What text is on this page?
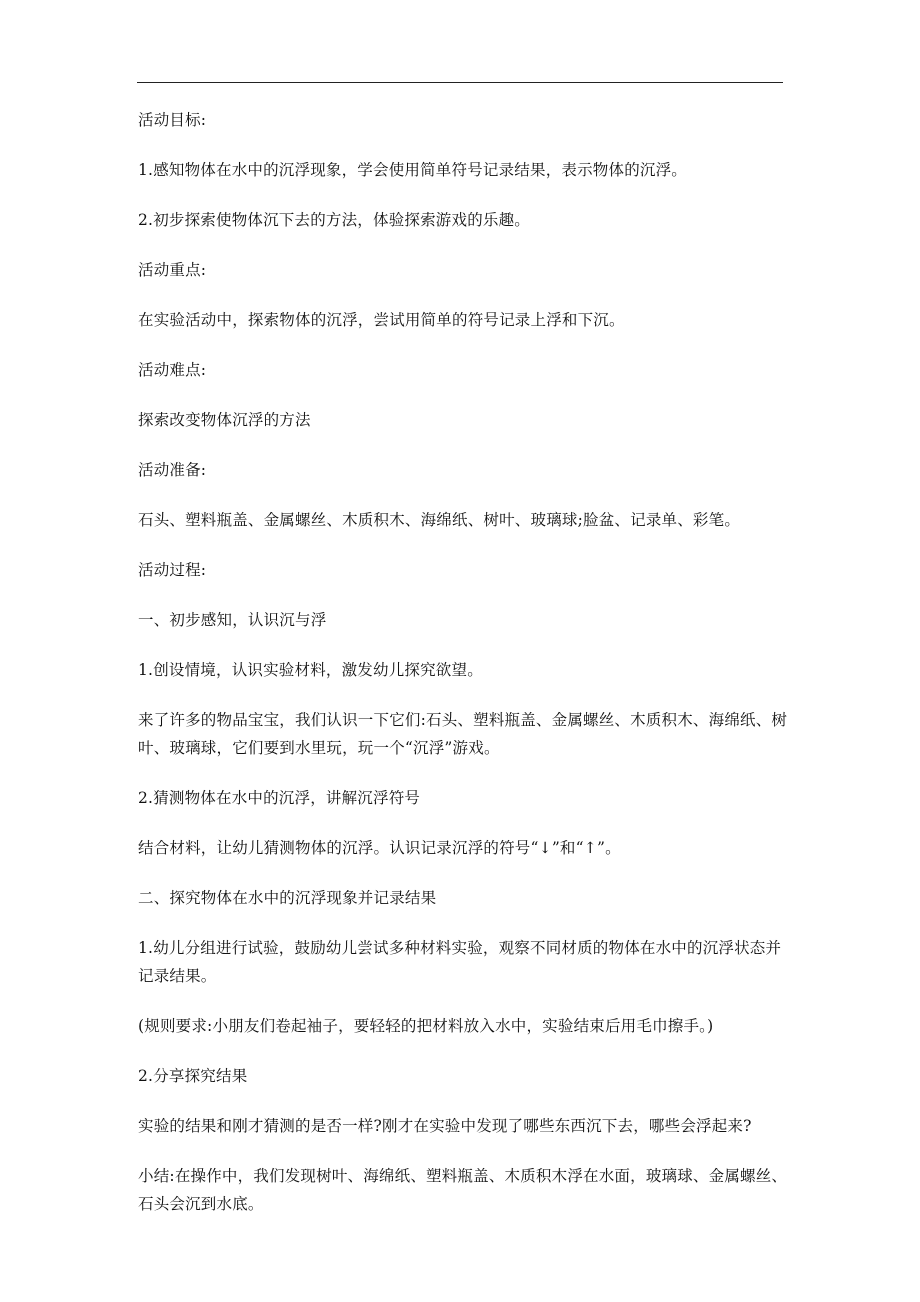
活动目标:

1.感知物体在水中的沉浮现象，学会使用简单符号记录结果，表示物体的沉浮。

2.初步探索使物体沉下去的方法，体验探索游戏的乐趣。

活动重点:

在实验活动中，探索物体的沉浮，尝试用简单的符号记录上浮和下沉。

活动难点:

探索改变物体沉浮的方法

活动准备:

石头、塑料瓶盖、金属螺丝、木质积木、海绵纸、树叶、玻璃球;脸盆、记录单、彩笔。

活动过程:

一、初步感知，认识沉与浮

1.创设情境，认识实验材料，激发幼儿探究欲望。

来了许多的物品宝宝，我们认识一下它们:石头、塑料瓶盖、金属螺丝、木质积木、海绵纸、树叶、玻璃球，它们要到水里玩，玩一个“沉浮”游戏。

2.猜测物体在水中的沉浮，讲解沉浮符号

结合材料，让幼儿猜测物体的沉浮。认识记录沉浮的符号“↓”和“↑”。

二、探究物体在水中的沉浮现象并记录结果

1.幼儿分组进行试验，鼓励幼儿尝试多种材料实验，观察不同材质的物体在水中的沉浮状态并记录结果。

(规则要求:小朋友们卷起袖子，要轻轻的把材料放入水中，实验结束后用毛巾擦手。)

2.分享探究结果

实验的结果和刚才猜测的是否一样?刚才在实验中发现了哪些东西沉下去，哪些会浮起来?

小结:在操作中，我们发现树叶、海绵纸、塑料瓶盖、木质积木浮在水面，玻璃球、金属螺丝、石头会沉到水底。
